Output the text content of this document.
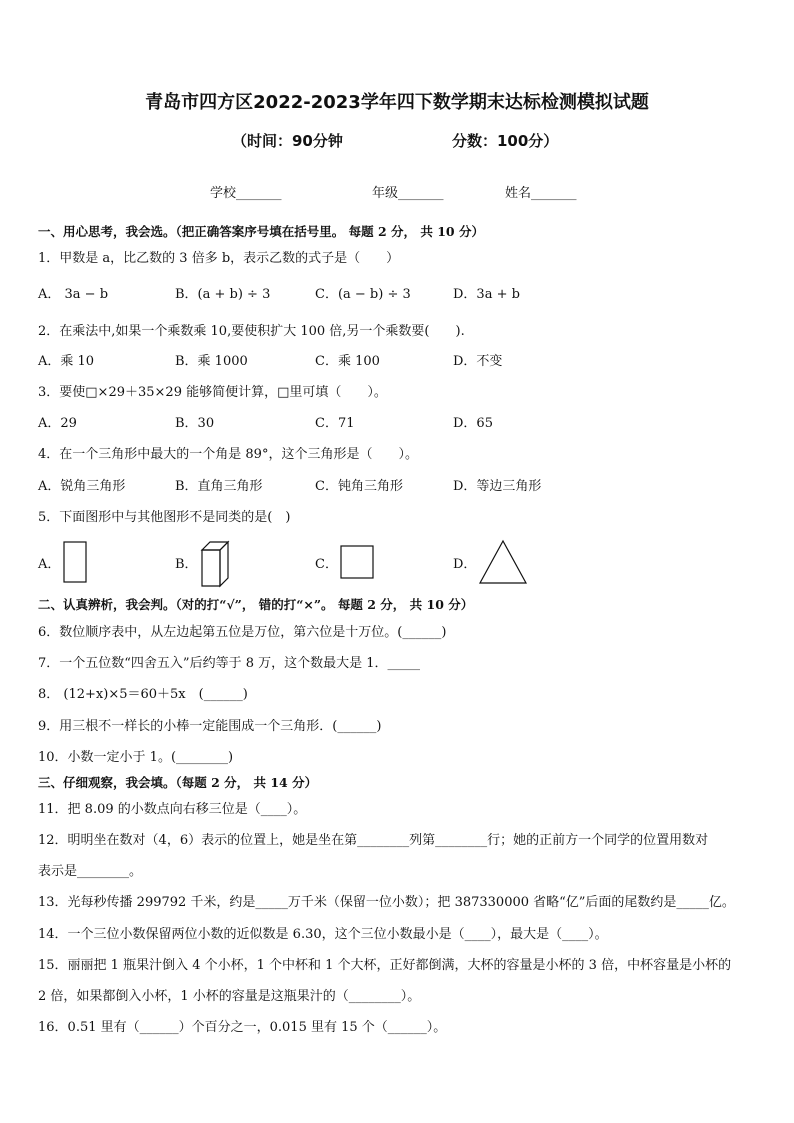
青岛市四方区2022-2023学年四下数学期末达标检测模拟试题
（时间：90分钟	分数：100分）
学校_______	年级_______	姓名_______
一、用心思考，我会选。（把正确答案序号填在括号里。 每题 2 分， 共 10 分）
1．甲数是 a，比乙数的 3 倍多 b，表示乙数的式子是（　　）
A． 3a − b	B．(a + b) ÷ 3	C．(a − b) ÷ 3	D．3a + b
2．在乘法中,如果一个乘数乘 10,要使积扩大 100 倍,另一个乘数要(　　).
A．乘 10	B．乘 1000	C．乘 100	D．不变
3．要使□×29＋35×29 能够简便计算，□里可填（　　）。
A．29	B．30	C．71	D．65
4．在一个三角形中最大的一个角是 89°，这个三角形是（　　）。
A．锐角三角形	B．直角三角形	C．钝角三角形	D．等边三角形
5．下面图形中与其他图形不是同类的是(　)
A．	B．	C．	D．
二、认真辨析，我会判。（对的打“√”， 错的打“×”。 每题 2 分， 共 10 分）
6．数位顺序表中，从左边起第五位是万位，第六位是十万位。(______)
7．一个五位数“四舍五入”后约等于 8 万，这个数最大是 1．_____
8． (12+x)×5＝60＋5x　(______)
9．用三根不一样长的小棒一定能围成一个三角形．(______)
10．小数一定小于 1。(________)
三、仔细观察，我会填。（每题 2 分， 共 14 分）
11．把 8.09 的小数点向右移三位是（____）。
12．明明坐在数对（4，6）表示的位置上，她是坐在第________列第________行；她的正前方一个同学的位置用数对
表示是________。
13．光每秒传播 299792 千米，约是_____万千米（保留一位小数）；把 387330000 省略“亿”后面的尾数约是_____亿。
14．一个三位小数保留两位小数的近似数是 6.30，这个三位小数最小是（____），最大是（____）。
15．丽丽把 1 瓶果汁倒入 4 个小杯，1 个中杯和 1 个大杯，正好都倒满，大杯的容量是小杯的 3 倍，中杯容量是小杯的
2 倍，如果都倒入小杯，1 小杯的容量是这瓶果汁的（________）。
16．0.51 里有（______）个百分之一，0.015 里有 15 个（______）。
